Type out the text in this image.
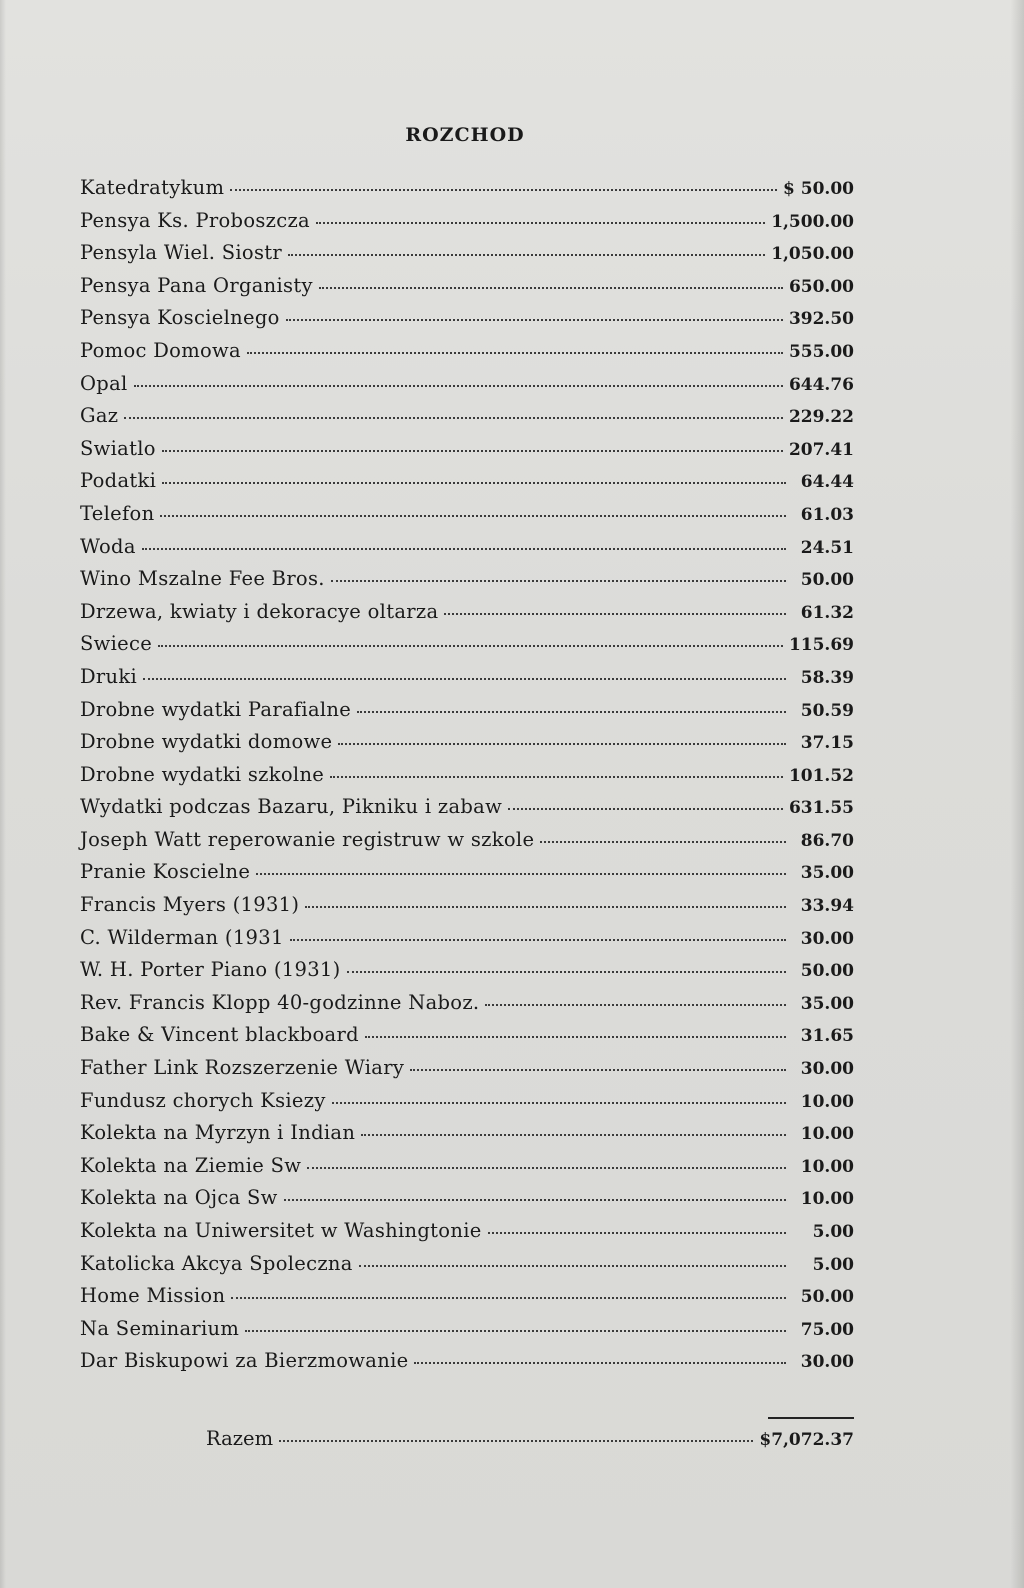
ROZCHOD
Katedratykum	$ 50.00
Pensya Ks. Proboszcza	1,500.00
Pensyla Wiel. Siostr	1,050.00
Pensya Pana Organisty	650.00
Pensya Koscielnego	392.50
Pomoc Domowa	555.00
Opal	644.76
Gaz	229.22
Swiatlo	207.41
Podatki	64.44
Telefon	61.03
Woda	24.51
Wino Mszalne Fee Bros.	50.00
Drzewa, kwiaty i dekoracye oltarza	61.32
Swiece	115.69
Druki	58.39
Drobne wydatki Parafialne	50.59
Drobne wydatki domowe	37.15
Drobne wydatki szkolne	101.52
Wydatki podczas Bazaru, Pikniku i zabaw	631.55
Joseph Watt reperowanie registruw w szkole	86.70
Pranie Koscielne	35.00
Francis Myers (1931)	33.94
C. Wilderman (1931	30.00
W. H. Porter Piano (1931)	50.00
Rev. Francis Klopp 40-godzinne Naboz.	35.00
Bake & Vincent blackboard	31.65
Father Link Rozszerzenie Wiary	30.00
Fundusz chorych Ksiezy	10.00
Kolekta na Myrzyn i Indian	10.00
Kolekta na Ziemie Sw	10.00
Kolekta na Ojca Sw	10.00
Kolekta na Uniwersitet w Washingtonie	5.00
Katolicka Akcya Spoleczna	5.00
Home Mission	50.00
Na Seminarium	75.00
Dar Biskupowi za Bierzmowanie	30.00
Razem	$7,072.37
